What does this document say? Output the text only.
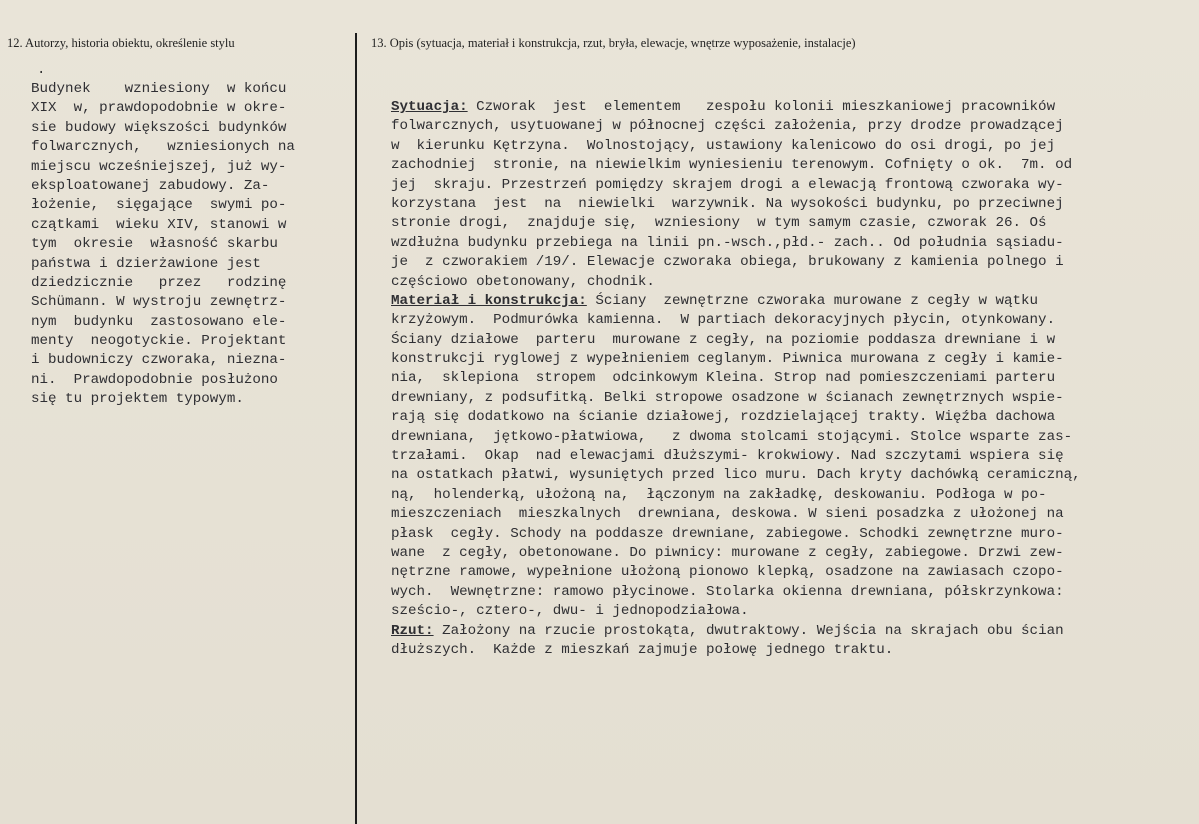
12. Autorzy, historia obiektu, określenie stylu	13. Opis (sytuacja, materiał i konstrukcja, rzut, bryła, elewacje, wnętrze wyposażenie, instalacje)
.
Budynek    wzniesiony  w końcu
XIX  w, prawdopodobnie w okre-
sie budowy większości budynków
folwarcznych,   wzniesionych na
miejscu wcześniejszej, już wy-
eksploatowanej zabudowy. Za-
łożenie,  sięgające  swymi po-
czątkami  wieku XIV, stanowi w
tym  okresie  własność skarbu
państwa i dzierżawione jest
dziedzicznie   przez   rodzinę
Schümann. W wystroju zewnętrz-
nym  budynku  zastosowano ele-
menty  neogotyckie. Projektant
i budowniczy czworaka, niezna-
ni.  Prawdopodobnie posłużono
się tu projektem typowym.
Sytuacja: Czworak  jest  elementem   zespołu kolonii mieszkaniowej pracowników
folwarcznych, usytuowanej w północnej części założenia, przy drodze prowadzącej
w  kierunku Kętrzyna.  Wolnostojący, ustawiony kalenicowo do osi drogi, po jej
zachodniej  stronie, na niewielkim wyniesieniu terenowym. Cofnięty o ok.  7m. od
jej  skraju. Przestrzeń pomiędzy skrajem drogi a elewacją frontową czworaka wy-
korzystana  jest  na  niewielki  warzywnik. Na wysokości budynku, po przeciwnej
stronie drogi,  znajduje się,  wzniesiony  w tym samym czasie, czworak 26. Oś
wzdłużna budynku przebiega na linii pn.-wsch.,płd.- zach.. Od południa sąsiadu-
je  z czworakiem /19/. Elewacje czworaka obiega, brukowany z kamienia polnego i
częściowo obetonowany, chodnik.
Materiał i konstrukcja: Ściany  zewnętrzne czworaka murowane z cegły w wątku
krzyżowym.  Podmurówka kamienna.  W partiach dekoracyjnych płycin, otynkowany.
Ściany działowe  parteru  murowane z cegły, na poziomie poddasza drewniane i w
konstrukcji ryglowej z wypełnieniem ceglanym. Piwnica murowana z cegły i kamie-
nia,  sklepiona  stropem  odcinkowym Kleina. Strop nad pomieszczeniami parteru
drewniany, z podsufitką. Belki stropowe osadzone w ścianach zewnętrznych wspie-
rają się dodatkowo na ścianie działowej, rozdzielającej trakty. Więźba dachowa
drewniana,  jętkowo-płatwiowa,   z dwoma stolcami stojącymi. Stolce wsparte zas-
trzałami.  Okap  nad elewacjami dłuższymi- krokwiowy. Nad szczytami wspiera się
na ostatkach płatwi, wysuniętych przed lico muru. Dach kryty dachówką ceramiczną,
ną,  holenderką, ułożoną na,  łączonym na zakładkę, deskowaniu. Podłoga w po-
mieszczeniach  mieszkalnych  drewniana, deskowa. W sieni posadzka z ułożonej na
płask  cegły. Schody na poddasze drewniane, zabiegowe. Schodki zewnętrzne muro-
wane  z cegły, obetonowane. Do piwnicy: murowane z cegły, zabiegowe. Drzwi zew-
nętrzne ramowe, wypełnione ułożoną pionowo klepką, osadzone na zawiasach czopo-
wych.  Wewnętrzne: ramowo płycinowe. Stolarka okienna drewniana, półskrzynkowa:
sześcio-, cztero-, dwu- i jednopodziałowa.
Rzut: Założony na rzucie prostokąta, dwutraktowy. Wejścia na skrajach obu ścian
dłuższych.  Każde z mieszkań zajmuje połowę jednego traktu.
